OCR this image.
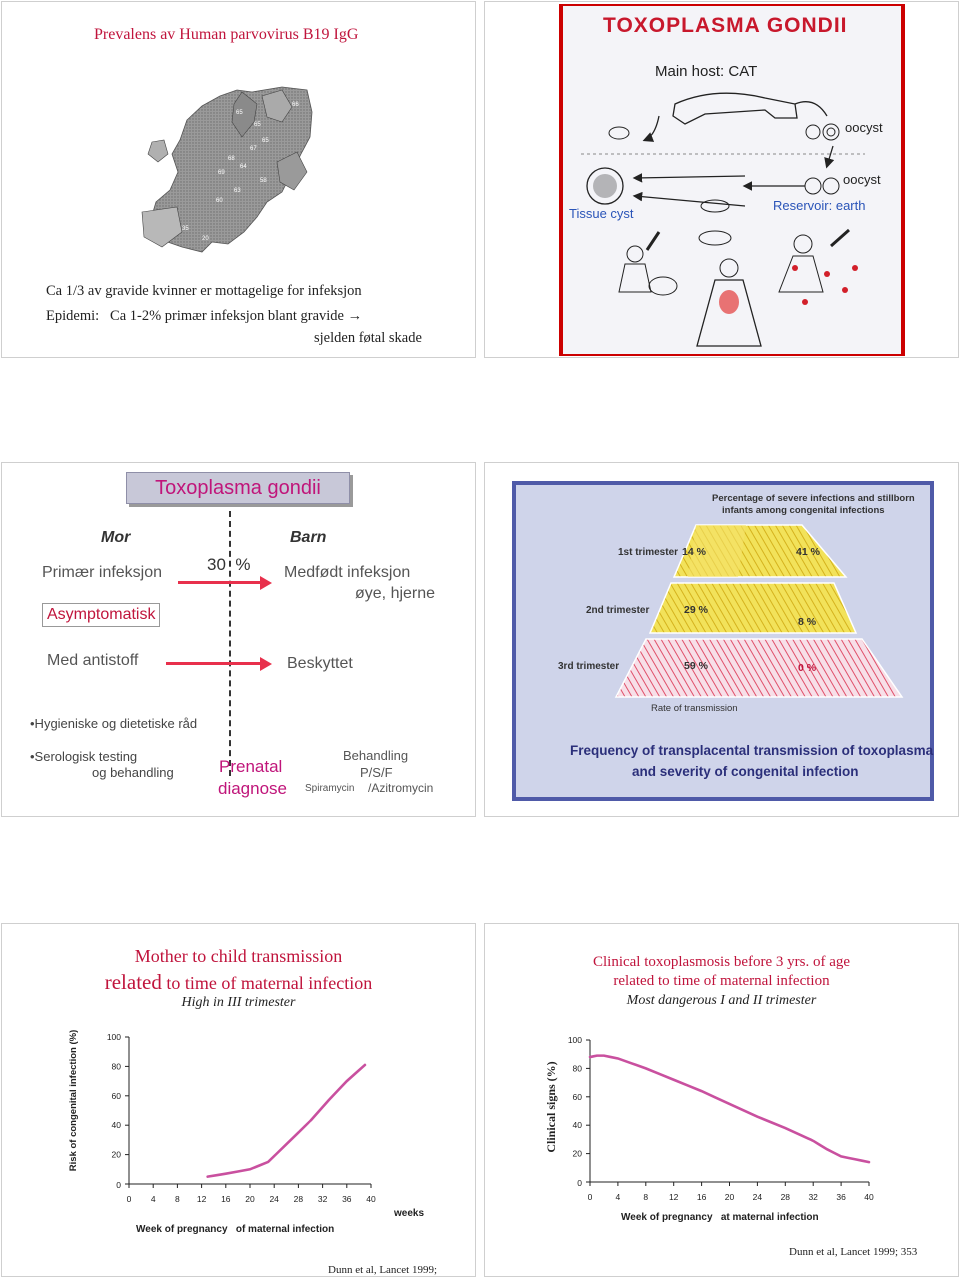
Prevalens av Human parvovirus B19 IgG
65
65
66
65
67
68
64
69
58
63
60
35	58
58
20
Ca 1/3 av gravide kvinner er mottagelige for infeksjon
Epidemi:   Ca 1-2% primær infeksjon blant gravide →
sjelden føtal skade
TOXOPLASMA GONDII
Main host: CAT
oocyst
oocyst
Tissue cyst
Reservoir: earth
Toxoplasma gondii
Mor	Barn
Primær infeksjon	30  % Medfødt infeksjon
øye, hjerne
Asymptomatisk
Med antistoff	Beskyttet
•Hygieniske og dietetiske råd
•Serologisk testing
og behandling	Prenatal
diagnose
Behandling
P/S/F
Spiramycin /Azitromycin
Percentage of severe infections and stillborn
infants among congenital infections
1st trimester
2nd trimester
3rd trimester
14 %
29 %
59 %
41 %
8 %
0 %
Rate of transmission
Frequency of transplacental transmission of toxoplasma
and severity of congenital infection
Mother to child transmission
related to time of maternal infection
High in III trimester
0
20
40
60
80
100
0 4 8 12 16 20 24 28 32 36 40
Risk of congenital infection (%)
Week of pregnancy   of maternal infection
weeks
Dunn et al, Lancet 1999;
Clinical toxoplasmosis before 3 yrs. of age
related to time of maternal infection
Most dangerous I and II trimester
0
20
40
60
80
100
0	4	8 12 16 20 24 28 32 36 40
Clinical signs (%)
Week of pregnancy   at maternal infection
Dunn et al, Lancet 1999; 353
